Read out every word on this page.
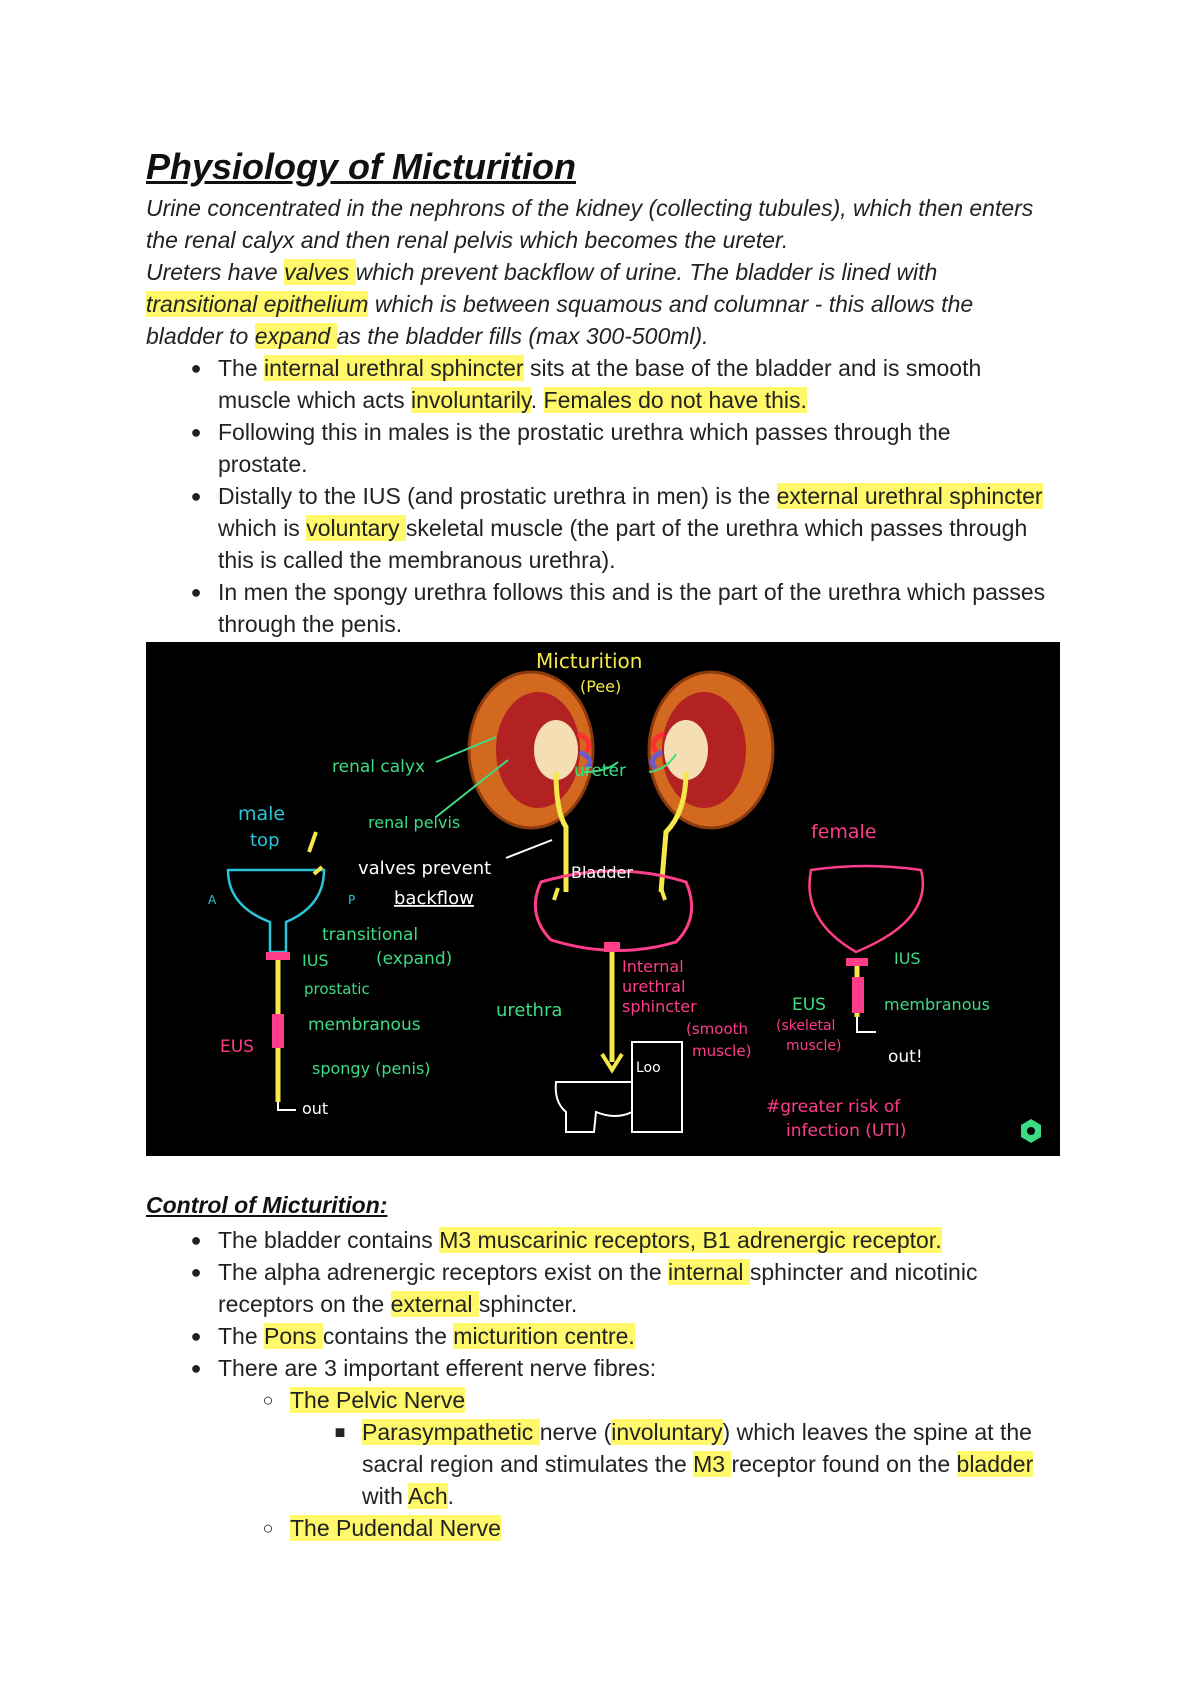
Physiology of Micturition

Urine concentrated in the nephrons of the kidney (collecting tubules), which then enters the renal calyx and then renal pelvis which becomes the ureter.

Ureters have valves which prevent backflow of urine. The bladder is lined with transitional epithelium which is between squamous and columnar - this allows the bladder to expand as the bladder fills (max 300-500ml).

● The internal urethral sphincter sits at the base of the bladder and is smooth muscle which acts involuntarily. Females do not have this.
● Following this in males is the prostatic urethra which passes through the prostate.
● Distally to the IUS (and prostatic urethra in men) is the external urethral sphincter which is voluntary skeletal muscle (the part of the urethra which passes through this is called the membranous urethra).
● In men the spongy urethra follows this and is the part of the urethra which passes through the penis.
Micturition
(Pee)
renal calyx
renal pelvis
ureter
valves prevent
backflow
male
top
A	P
transitional
(expand)
IUS
prostatic
membranous
EUS
spongy (penis)
out
Bladder
urethra
Internal
urethral
sphincter
(smooth
muscle)
Loo
female
IUS
EUS
(skeletal
muscle)
membranous
out!
#greater risk of
infection (UTI)
Control of Micturition:
● The bladder contains M3 muscarinic receptors, B1 adrenergic receptor.
● The alpha adrenergic receptors exist on the internal sphincter and nicotinic receptors on the external sphincter.
● The Pons contains the micturition centre.
● There are 3 important efferent nerve fibres:
○ The Pelvic Nerve
■ Parasympathetic nerve (involuntary) which leaves the spine at the sacral region and stimulates the M3 receptor found on the bladder with Ach.
○ The Pudendal Nerve
